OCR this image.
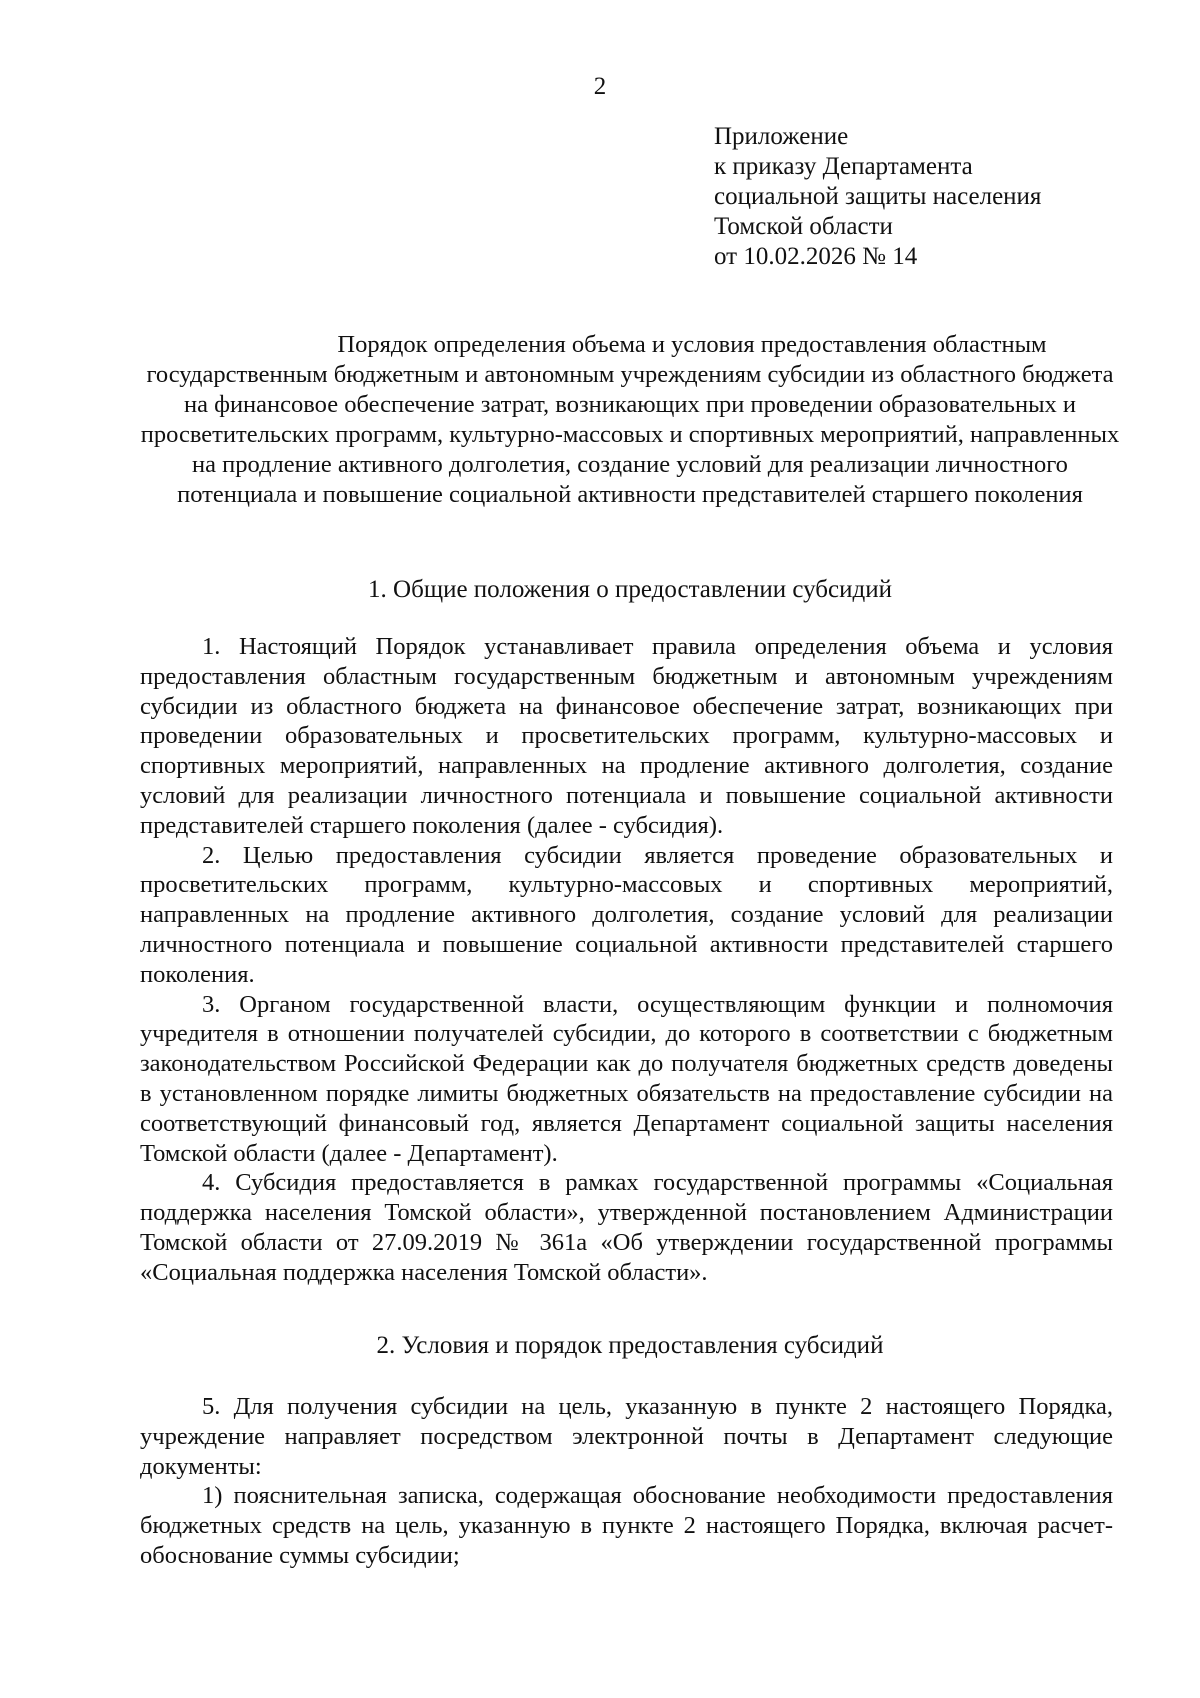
2
Приложение
к приказу Департамента
социальной защиты населения
Томской области
от 10.02.2026 № 14
Порядок определения объема и условия предоставления областным государственным бюджетным и автономным учреждениям субсидии из областного бюджета на финансовое обеспечение затрат, возникающих при проведении образовательных и просветительских программ, культурно-массовых и спортивных мероприятий, направленных на продление активного долголетия, создание условий для реализации личностного потенциала и повышение социальной активности представителей старшего поколения
1. Общие положения о предоставлении субсидий

1. Настоящий Порядок устанавливает правила определения объема и условия предоставления областным государственным бюджетным и автономным учреждениям субсидии из областного бюджета на финансовое обеспечение затрат, возникающих при проведении образовательных и просветительских программ, культурно-массовых и спортивных мероприятий, направленных на продление активного долголетия, создание условий для реализации личностного потенциала и повышение социальной активности представителей старшего поколения (далее - субсидия).

2. Целью предоставления субсидии является проведение образовательных и просветительских программ, культурно-массовых и спортивных мероприятий, направленных на продление активного долголетия, создание условий для реализации личностного потенциала и повышение социальной активности представителей старшего поколения.

3. Органом государственной власти, осуществляющим функции и полномочия учредителя в отношении получателей субсидии, до которого в соответствии с бюджетным законодательством Российской Федерации как до получателя бюджетных средств доведены в установленном порядке лимиты бюджетных обязательств на предоставление субсидии на соответствующий финансовый год, является Департамент социальной защиты населения Томской области (далее - Департамент).

4. Субсидия предоставляется в рамках государственной программы «Социальная поддержка населения Томской области», утвержденной постановлением Администрации Томской области от 27.09.2019 № 361а «Об утверждении государственной программы «Социальная поддержка населения Томской области».

2. Условия и порядок предоставления субсидий

5. Для получения субсидии на цель, указанную в пункте 2 настоящего Порядка, учреждение направляет посредством электронной почты в Департамент следующие документы:

1) пояснительная записка, содержащая обоснование необходимости предоставления бюджетных средств на цель, указанную в пункте 2 настоящего Порядка, включая расчет-обоснование суммы субсидии;
